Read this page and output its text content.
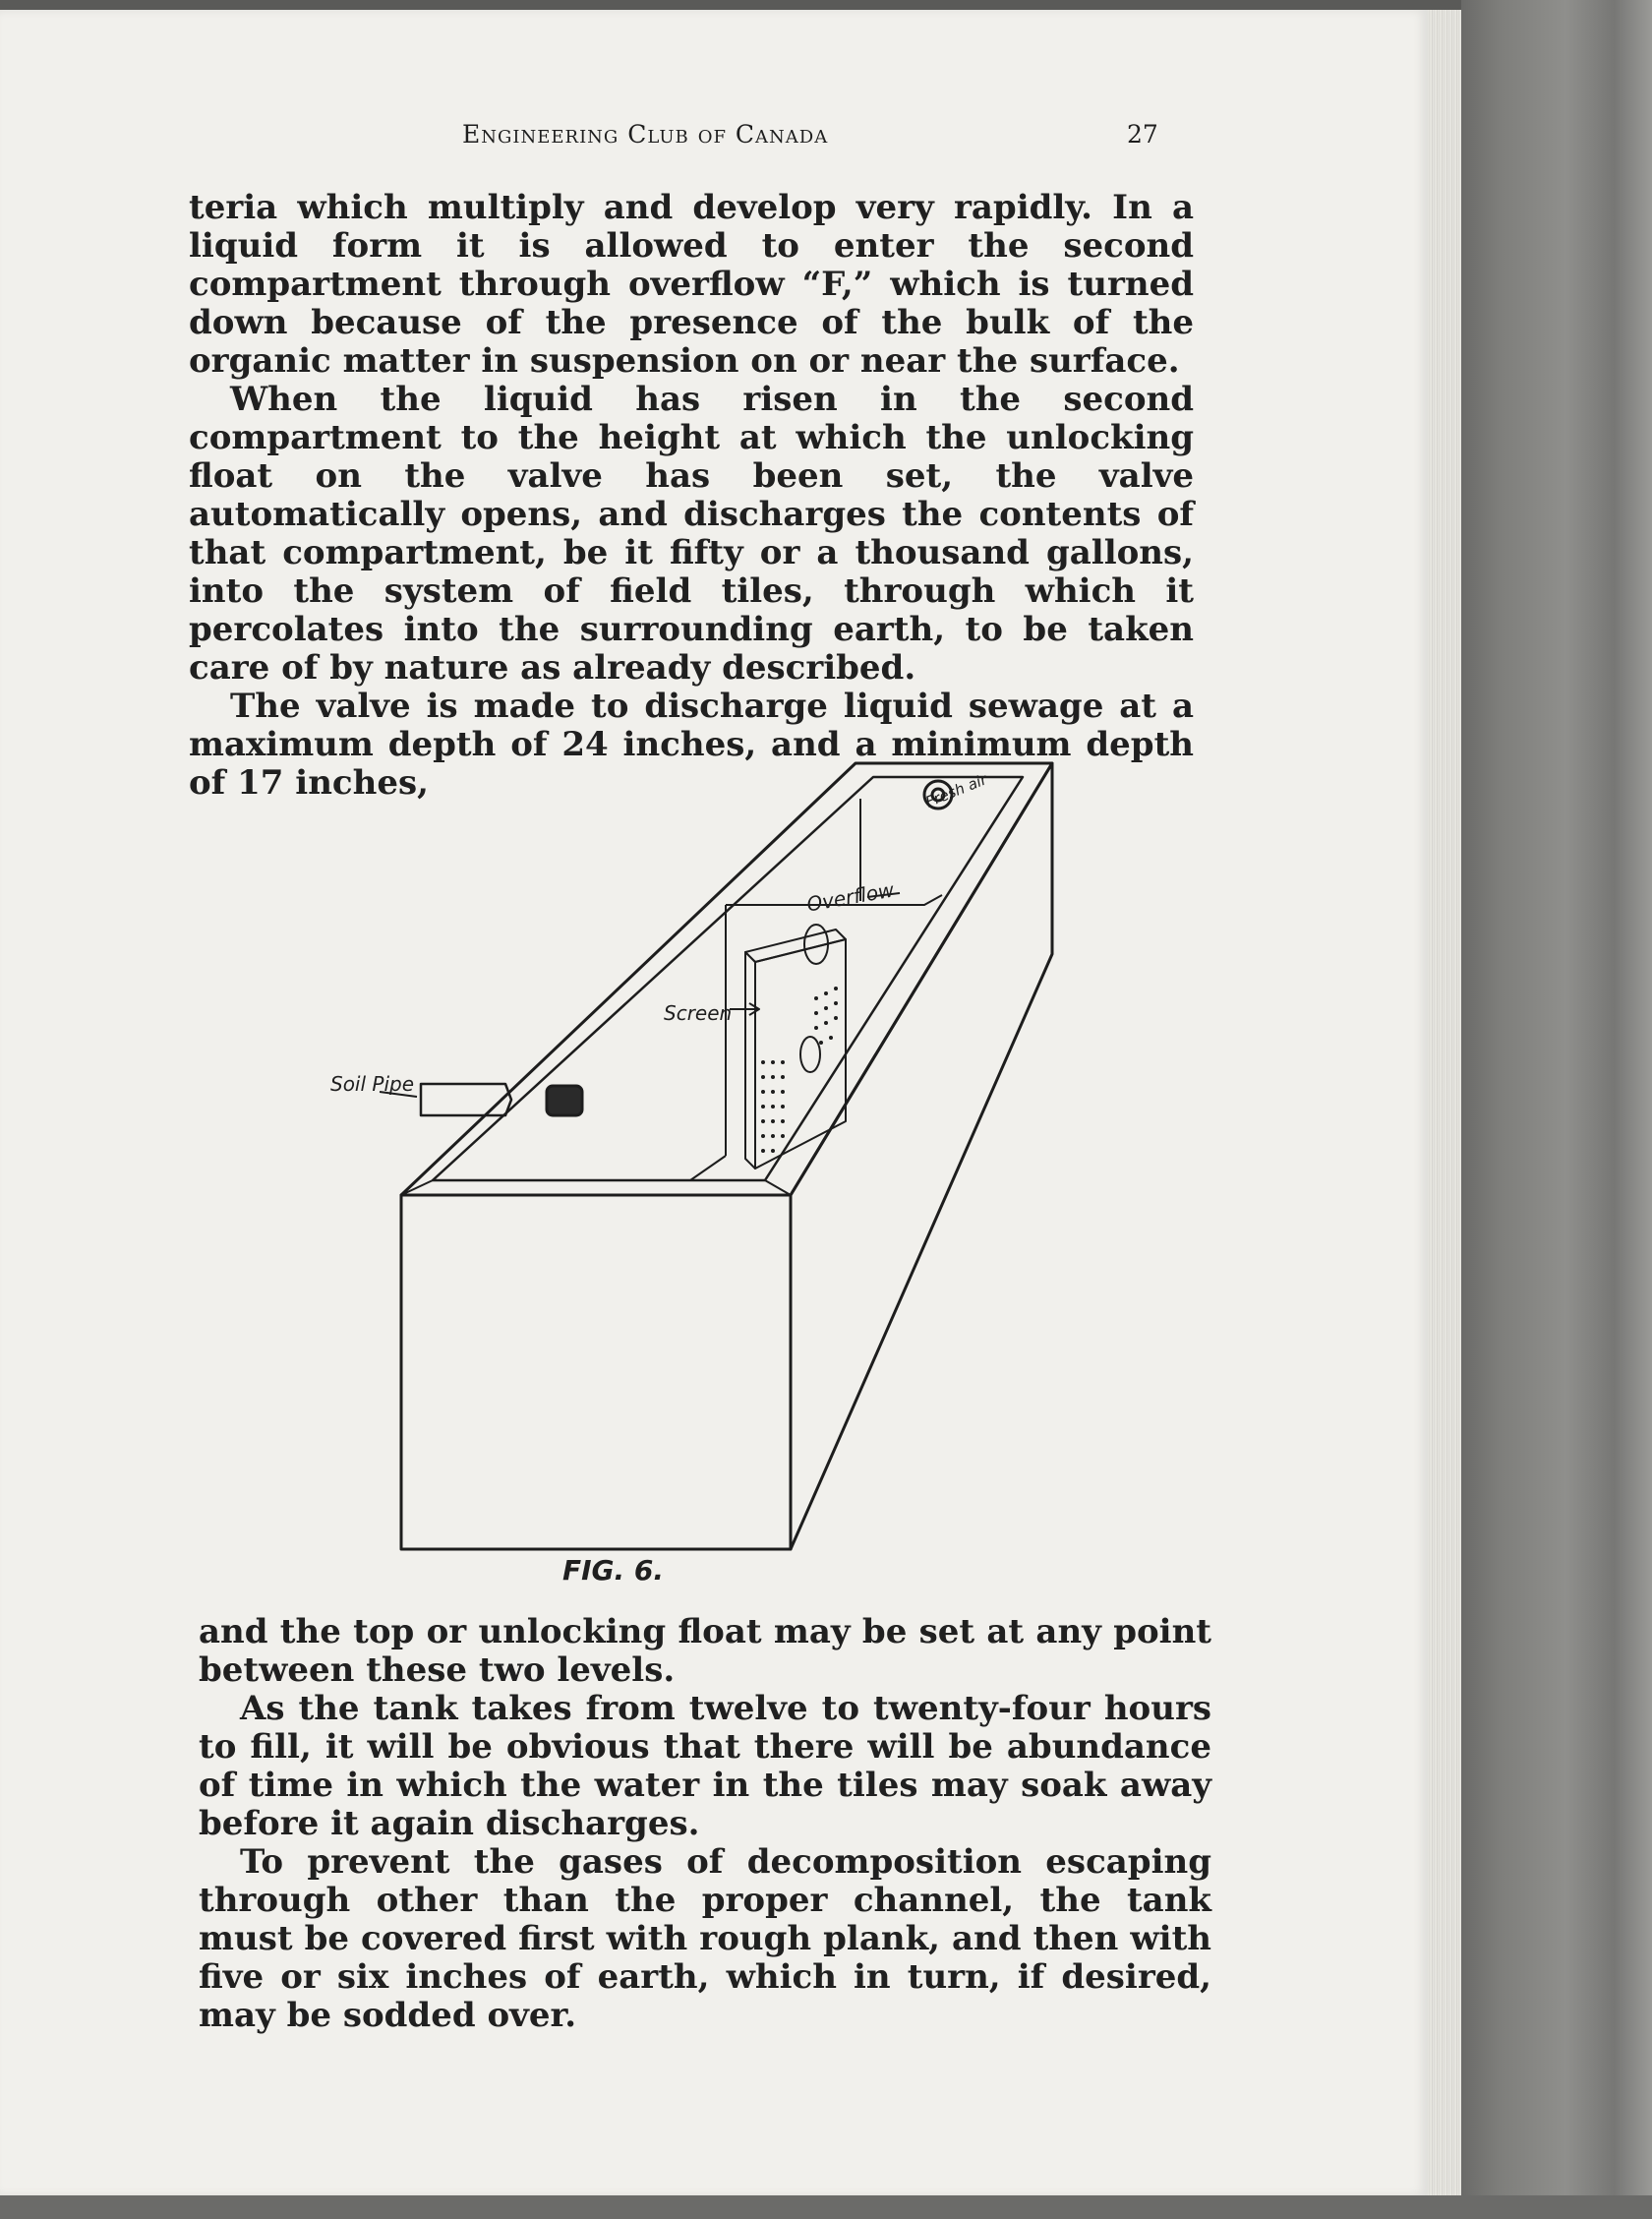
Engineering Club of Canada	27

teria which multiply and develop very rapidly. In a liquid form it is allowed to enter the second compartment through overflow “F,” which is turned down because of the presence of the bulk of the organic matter in suspension on or near the surface.

When the liquid has risen in the second compartment to the height at which the unlocking float on the valve has been set, the valve automatically opens, and discharges the contents of that compartment, be it fifty or a thousand gallons, into the system of field tiles, through which it percolates into the surrounding earth, to be taken care of by nature as already described.

The valve is made to discharge liquid sewage at a maximum depth of 24 inches, and a minimum depth of 17 inches,	Fresh air
Overflow
Screen
Soil Pipe
FIG. 6.

and the top or unlocking float may be set at any point between these two levels.

As the tank takes from twelve to twenty-four hours to fill, it will be obvious that there will be abundance of time in which the water in the tiles may soak away before it again discharges.

To prevent the gases of decomposition escaping through other than the proper channel, the tank must be covered first with rough plank, and then with five or six inches of earth, which in turn, if desired, may be sodded over.
